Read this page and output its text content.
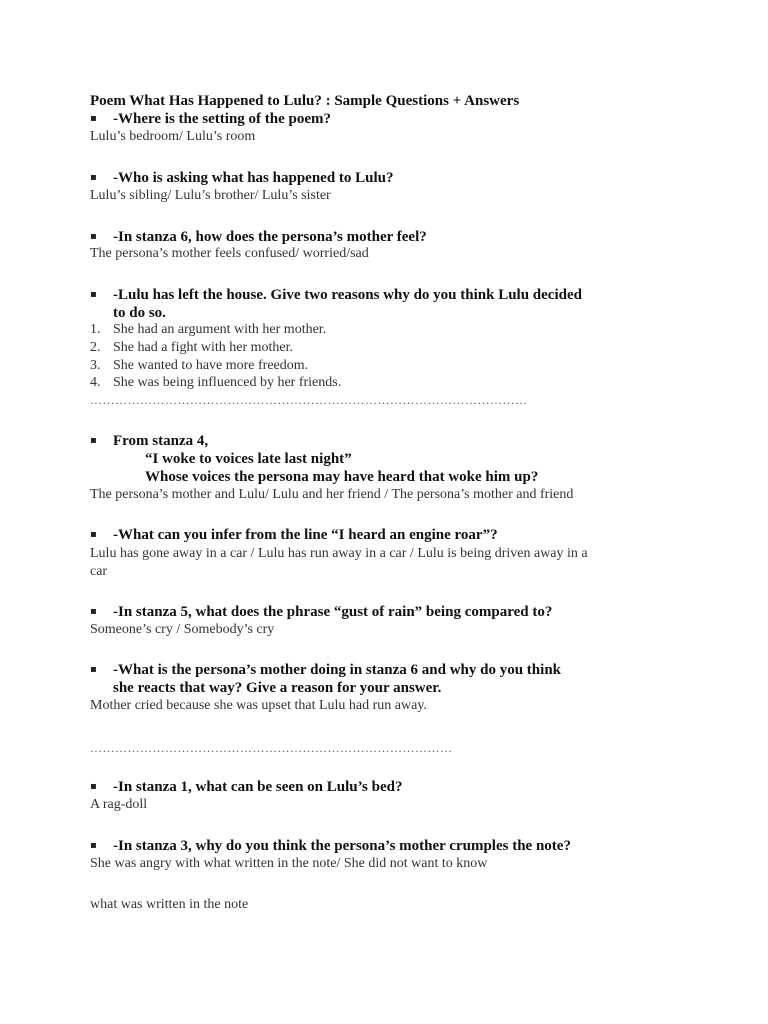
Poem What Has Happened to Lulu? : Sample Questions + Answers
▪ -Where is the setting of the poem?
Lulu’s bedroom/ Lulu’s room
▪ -Who is asking what has happened to Lulu?
Lulu’s sibling/ Lulu’s brother/ Lulu’s sister
▪ -In stanza 6, how does the persona’s mother feel?
The persona’s mother feels confused/ worried/sad
▪ -Lulu has left the house. Give two reasons why do you think Lulu decided
to do so.
1. She had an argument with her mother.
2. She had a fight with her mother.
3. She wanted to have more freedom.
4. She was being influenced by her friends.
……………………………………………………………………………………………
▪ From stanza 4,
“I woke to voices late last night”
Whose voices the persona may have heard that woke him up?
The persona’s mother and Lulu/ Lulu and her friend / The persona’s mother and friend
▪ -What can you infer from the line “I heard an engine roar”?
Lulu has gone away in a car / Lulu has run away in a car / Lulu is being driven away in a
car
▪ -In stanza 5, what does the phrase “gust of rain” being compared to?
Someone’s cry / Somebody’s cry
▪ -What is the persona’s mother doing in stanza 6 and why do you think
she reacts that way? Give a reason for your answer.
Mother cried because she was upset that Lulu had run away.
……………………………………………………………………………
▪ -In stanza 1, what can be seen on Lulu’s bed?
A rag-doll
▪ -In stanza 3, why do you think the persona’s mother crumples the note?
She was angry with what written in the note/ She did not want to know
what was written in the note
